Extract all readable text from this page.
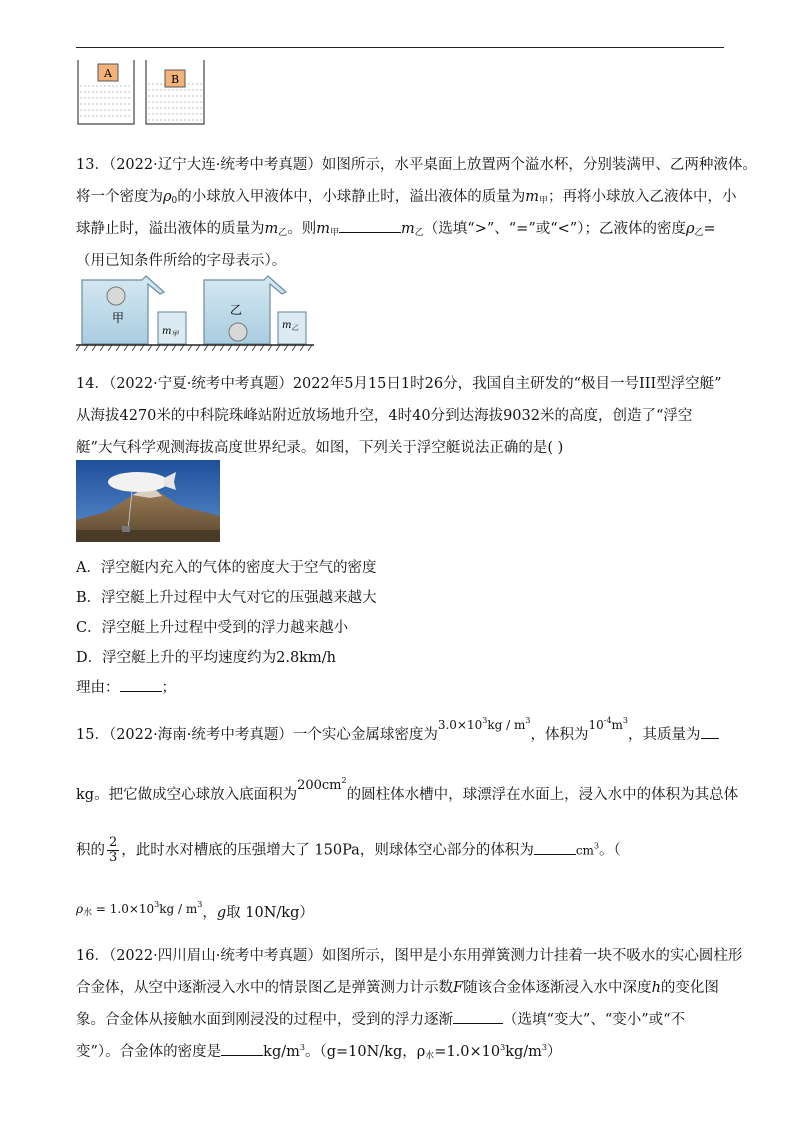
A	B
13．（2022·辽宁大连·统考中考真题）如图所示，水平桌面上放置两个溢水杯，分别装满甲、乙两种液体。
将一个密度为$\rho_0$的小球放入甲液体中，小球静止时，溢出液体的质量为$m_甲$；再将小球放入乙液体中，小
球静止时，溢出液体的质量为$m_乙$。则$m_甲$	$m_乙$（选填“>”、“=”或“<”）；乙液体的密度$\rho_乙=$
（用已知条件所给的字母表示）。
甲
$m_甲$
乙
$m_乙$
14．（2022·宁夏·统考中考真题）2022年5月15日1时26分，我国自主研发的“极目一号III型浮空艇”
从海拔4270米的中科院珠峰站附近放场地升空，4时40分到达海拔9032米的高度，创造了“浮空
艇”大气科学观测海拔高度世界纪录。如图，下列关于浮空艇说法正确的是( )
A．浮空艇内充入的气体的密度大于空气的密度
B．浮空艇上升过程中大气对它的压强越来越大
C．浮空艇上升过程中受到的浮力越来越小
D．浮空艇上升的平均速度约为2.8km/h
理由：	；
15．（2022·海南·统考中考真题）一个实心金属球密度为$^{3.0\times 10^3kg / m^3}$，体积为$^{10^{-4}m^3}$，其质量为
kg。把它做成空心球放入底面积为$200cm^2$的圆柱体水槽中，球漂浮在水面上，浸入水中的体积为其总体
积的 $\frac{2}{3}$ ，此时水对槽底的压强增大了 150Pa，则球体空心部分的体积为	$cm^3$。（
$^{\rho_水 = 1.0\times 10^3kg / m^3}$，g取 10N/kg）
16．（2022·四川眉山·统考中考真题）如图所示，图甲是小东用弹簧测力计挂着一块不吸水的实心圆柱形
合金体，从空中逐渐浸入水中的情景图乙是弹簧测力计示数F随该合金体逐渐浸入水中深度h的变化图
象。合金体从接触水面到刚浸没的过程中，受到的浮力逐渐	（选填“变大”、“变小”或“不
变”）。合金体的密度是	$kg/m^3$。（g=10N/kg，$\rho_水=1.0\times 10^3kg/m^3$）
